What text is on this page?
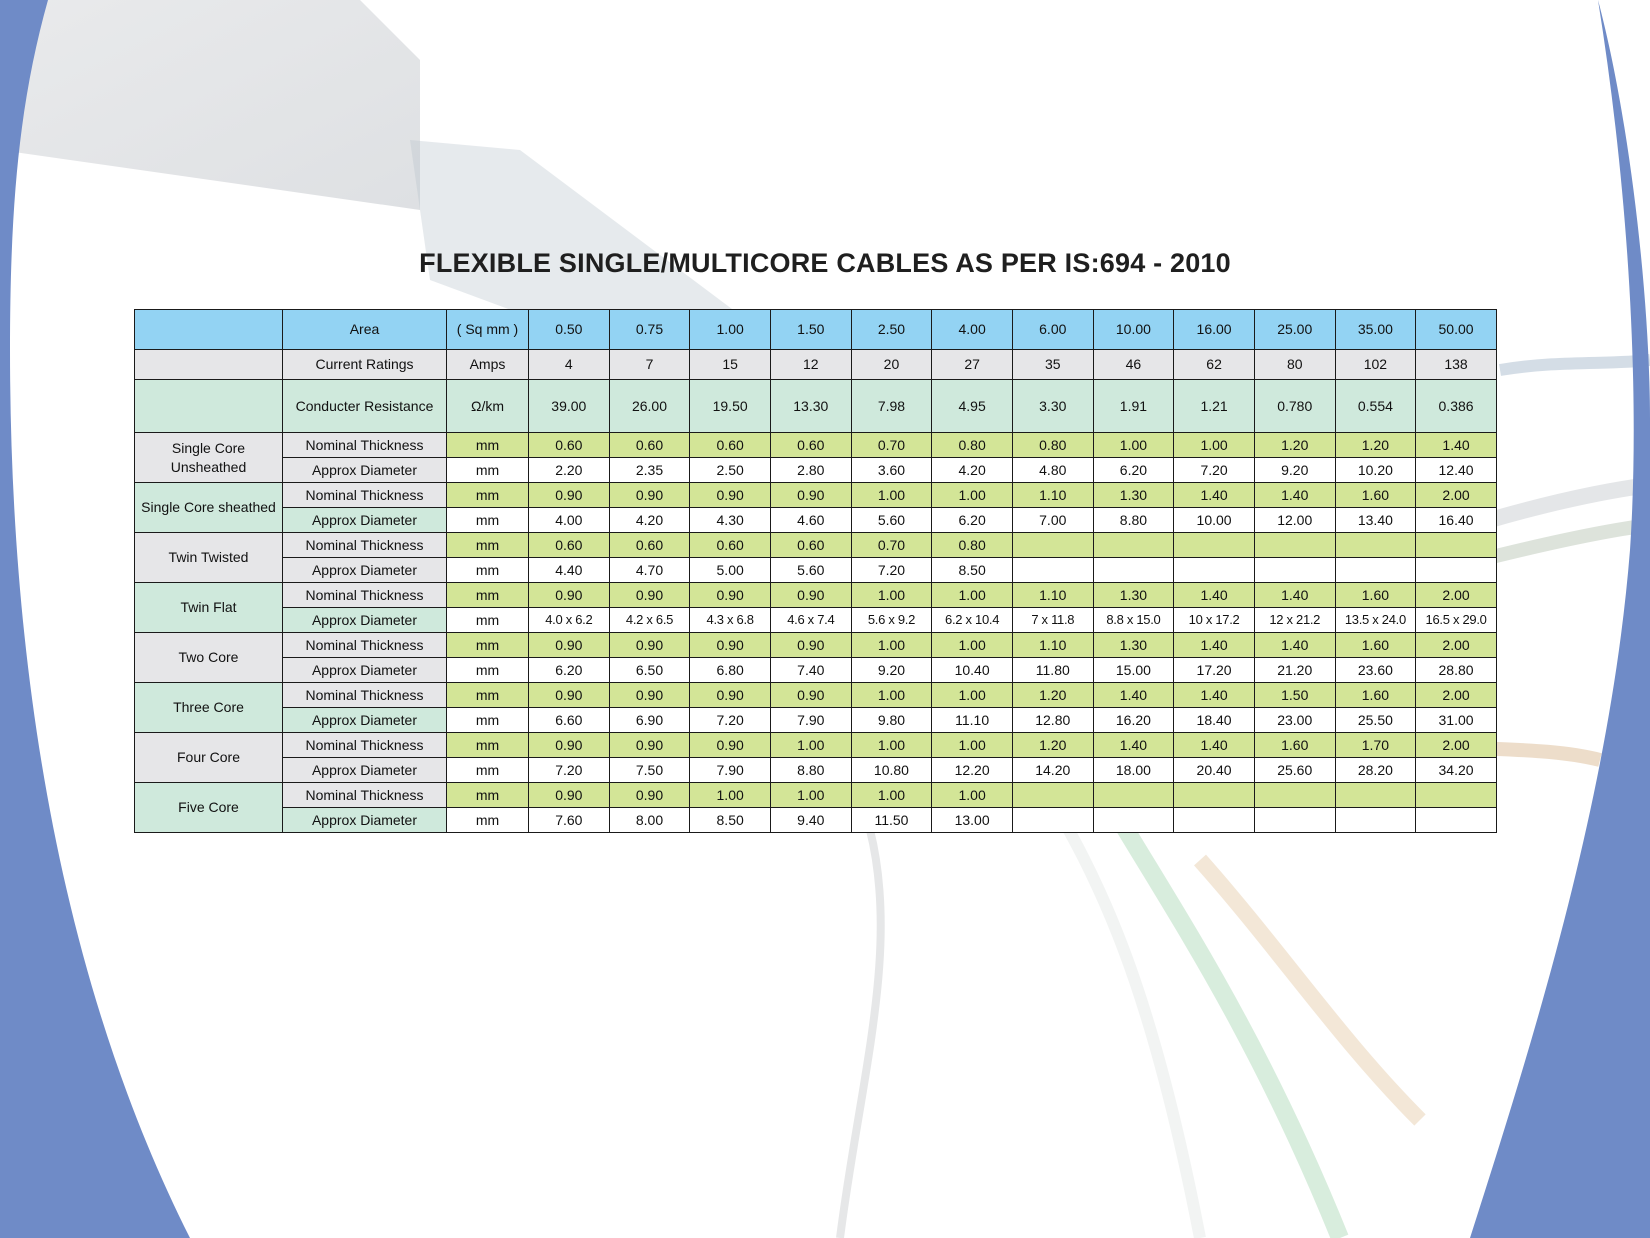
FLEXIBLE SINGLE/MULTICORE CABLES AS PER IS:694 - 2010
	Area	( Sq mm )	0.50	0.75	1.00	1.50	2.50	4.00	6.00	10.00	16.00	25.00	35.00	50.00
	Current Ratings	Amps	4	7	15	12	20	27	35	46	62	80	102	138
	Conducter Resistance	Ω/km	39.00	26.00	19.50	13.30	7.98	4.95	3.30	1.91	1.21	0.780	0.554	0.386
Single Core Unsheathed	Nominal Thickness	mm	0.60	0.60	0.60	0.60	0.70	0.80	0.80	1.00	1.00	1.20	1.20	1.40
	Approx Diameter	mm	2.20	2.35	2.50	2.80	3.60	4.20	4.80	6.20	7.20	9.20	10.20	12.40
Single Core sheathed	Nominal Thickness	mm	0.90	0.90	0.90	0.90	1.00	1.00	1.10	1.30	1.40	1.40	1.60	2.00
	Approx Diameter	mm	4.00	4.20	4.30	4.60	5.60	6.20	7.00	8.80	10.00	12.00	13.40	16.40
Twin Twisted	Nominal Thickness	mm	0.60	0.60	0.60	0.60	0.70	0.80						
	Approx Diameter	mm	4.40	4.70	5.00	5.60	7.20	8.50						
Twin Flat	Nominal Thickness	mm	0.90	0.90	0.90	0.90	1.00	1.00	1.10	1.30	1.40	1.40	1.60	2.00
	Approx Diameter	mm	4.0 x 6.2	4.2 x 6.5	4.3 x 6.8	4.6 x 7.4	5.6 x 9.2	6.2 x 10.4	7 x 11.8	8.8 x 15.0	10 x 17.2	12 x 21.2	13.5 x 24.0	16.5 x 29.0
Two Core	Nominal Thickness	mm	0.90	0.90	0.90	0.90	1.00	1.00	1.10	1.30	1.40	1.40	1.60	2.00
	Approx Diameter	mm	6.20	6.50	6.80	7.40	9.20	10.40	11.80	15.00	17.20	21.20	23.60	28.80
Three Core	Nominal Thickness	mm	0.90	0.90	0.90	0.90	1.00	1.00	1.20	1.40	1.40	1.50	1.60	2.00
	Approx Diameter	mm	6.60	6.90	7.20	7.90	9.80	11.10	12.80	16.20	18.40	23.00	25.50	31.00
Four Core	Nominal Thickness	mm	0.90	0.90	0.90	1.00	1.00	1.00	1.20	1.40	1.40	1.60	1.70	2.00
	Approx Diameter	mm	7.20	7.50	7.90	8.80	10.80	12.20	14.20	18.00	20.40	25.60	28.20	34.20
Five Core	Nominal Thickness	mm	0.90	0.90	1.00	1.00	1.00	1.00						
	Approx Diameter	mm	7.60	8.00	8.50	9.40	11.50	13.00						
